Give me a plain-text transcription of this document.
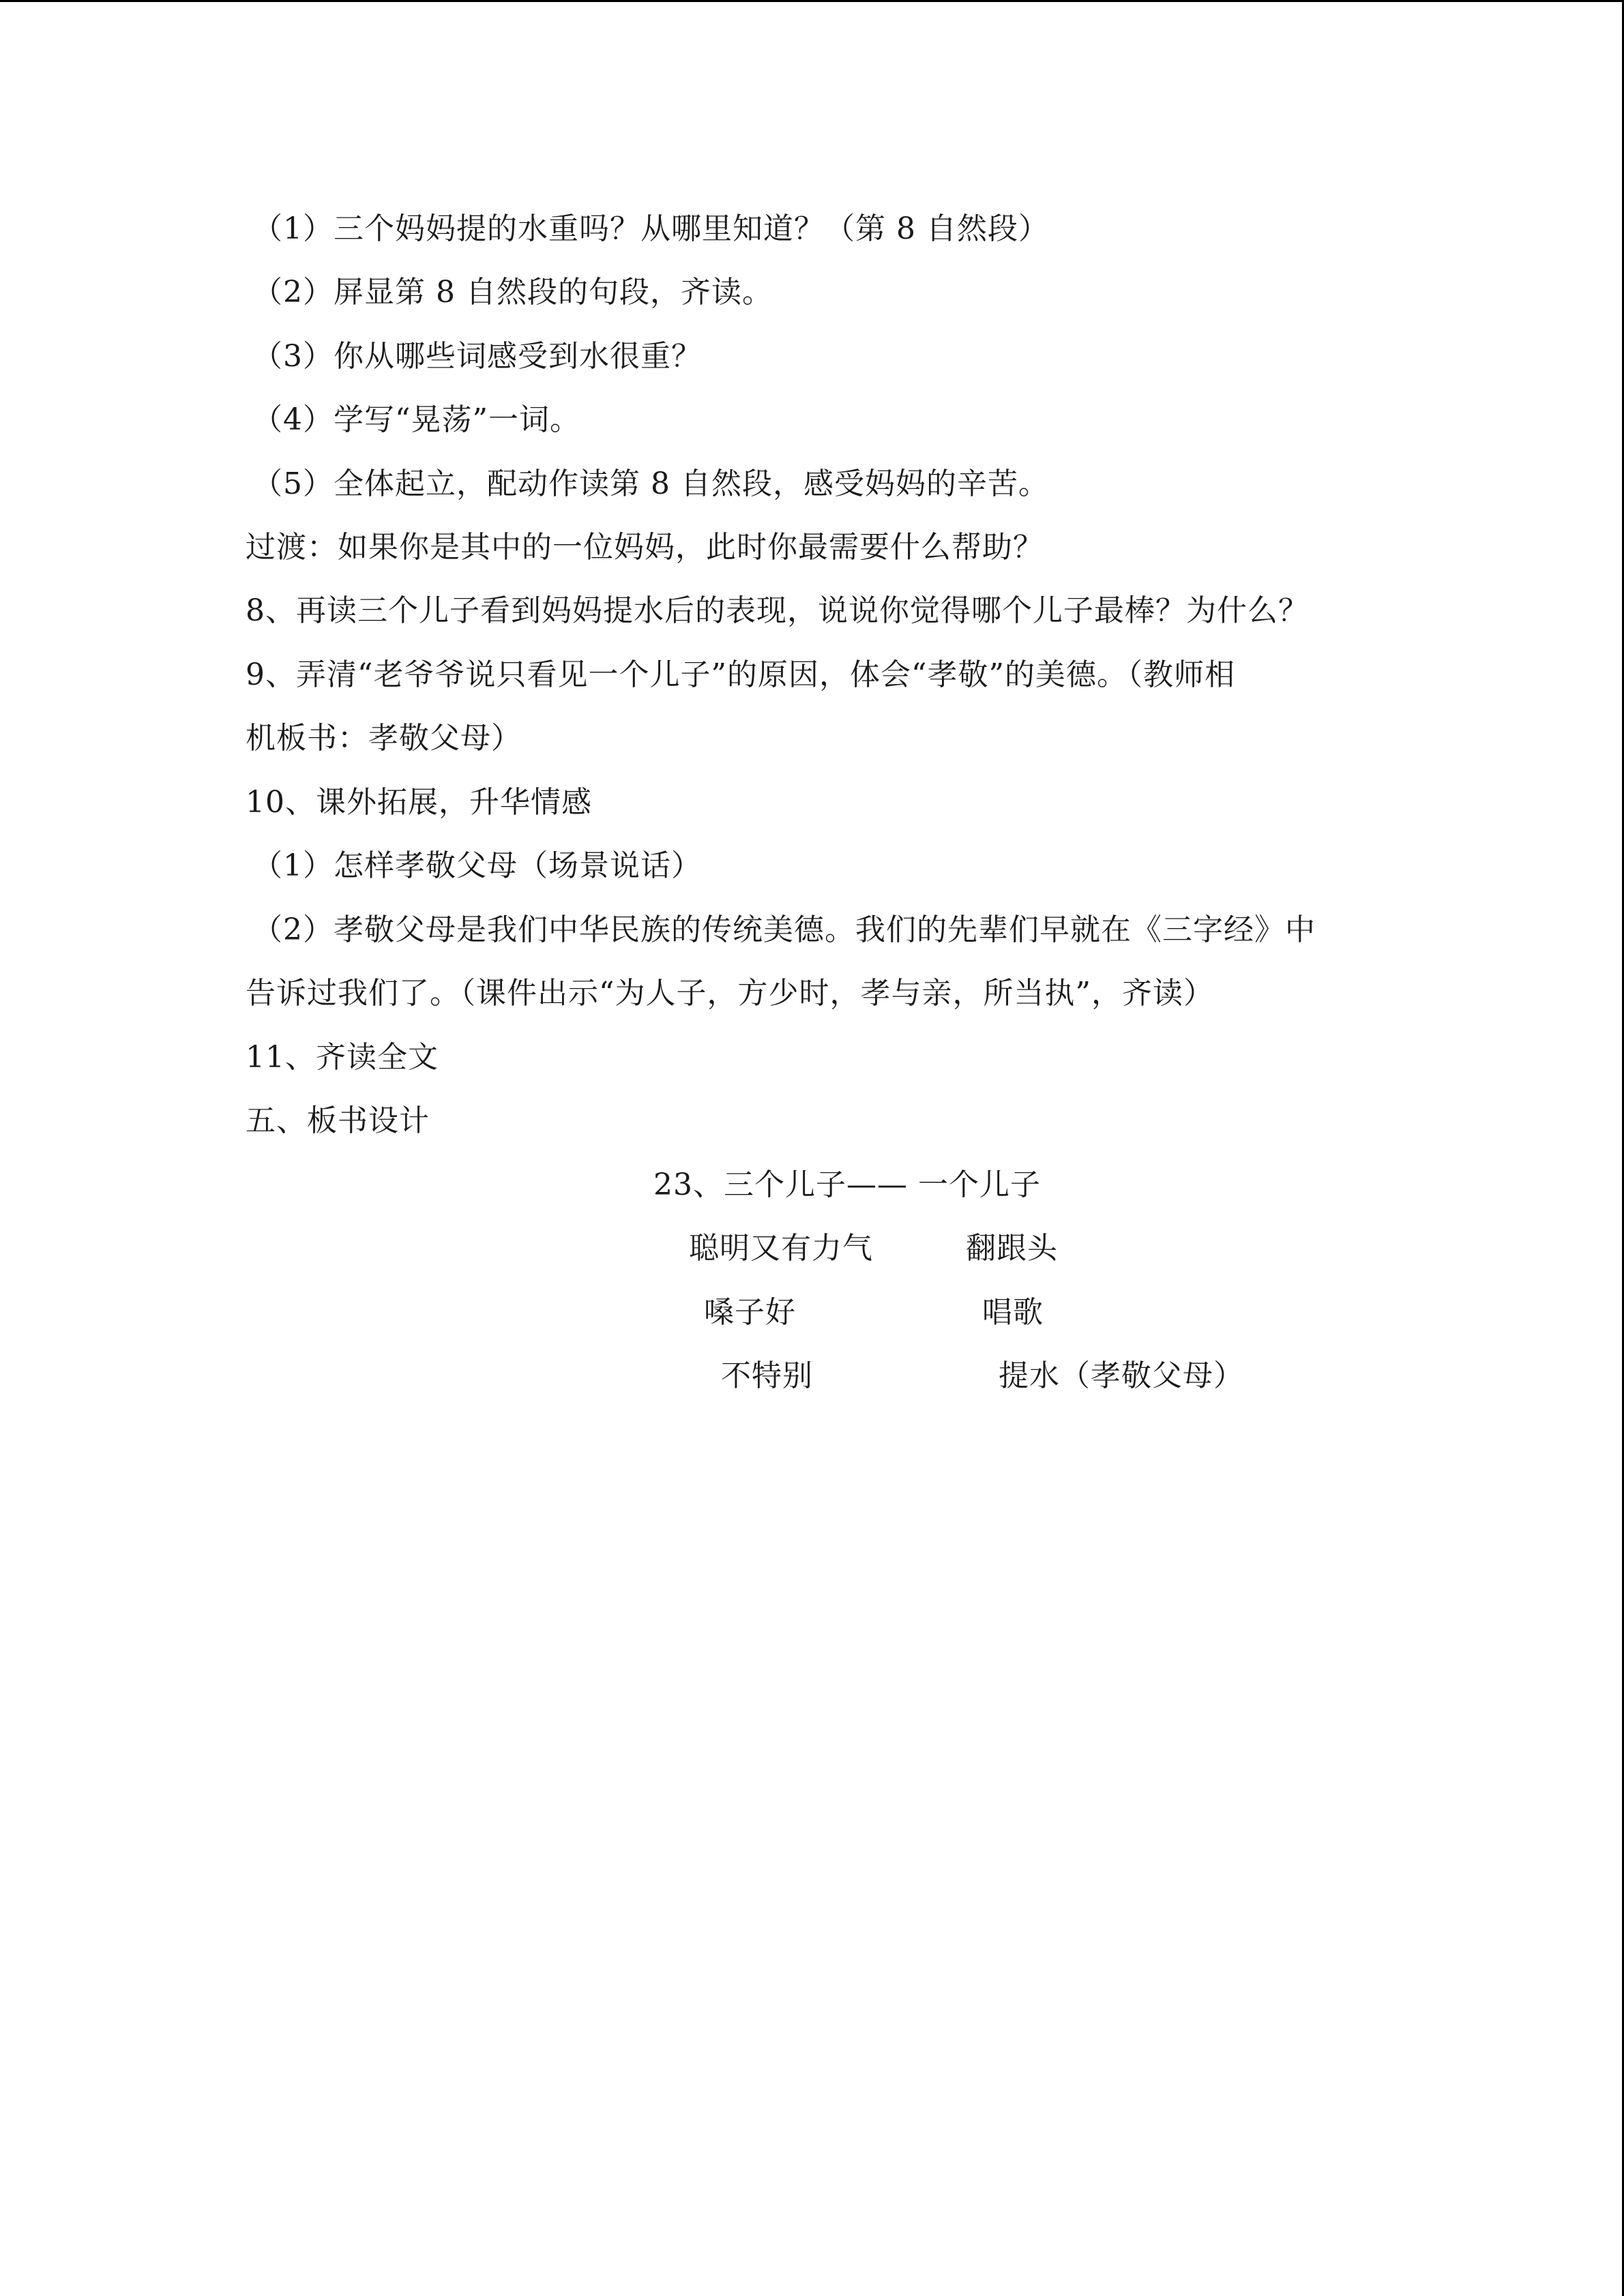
（1）三个妈妈提的水重吗？从哪里知道？（第 8 自然段）
（2）屏显第 8 自然段的句段，齐读。
（3）你从哪些词感受到水很重？
（4）学写“晃荡”一词。
（5）全体起立，配动作读第 8 自然段，感受妈妈的辛苦。
过渡：如果你是其中的一位妈妈，此时你最需要什么帮助？
8、再读三个儿子看到妈妈提水后的表现，说说你觉得哪个儿子最棒？为什么？
9、弄清“老爷爷说只看见一个儿子”的原因，体会“孝敬”的美德。（教师相
机板书：孝敬父母）
10、课外拓展，升华情感
（1）怎样孝敬父母（场景说话）
（2）孝敬父母是我们中华民族的传统美德。我们的先辈们早就在《三字经》中
告诉过我们了。（课件出示“为人子，方少时，孝与亲，所当执”，齐读）
11、齐读全文
五、板书设计
23、三个儿子—— 一个儿子
聪明又有力气	翻跟头
嗓子好	唱歌
不特别	提水（孝敬父母）
